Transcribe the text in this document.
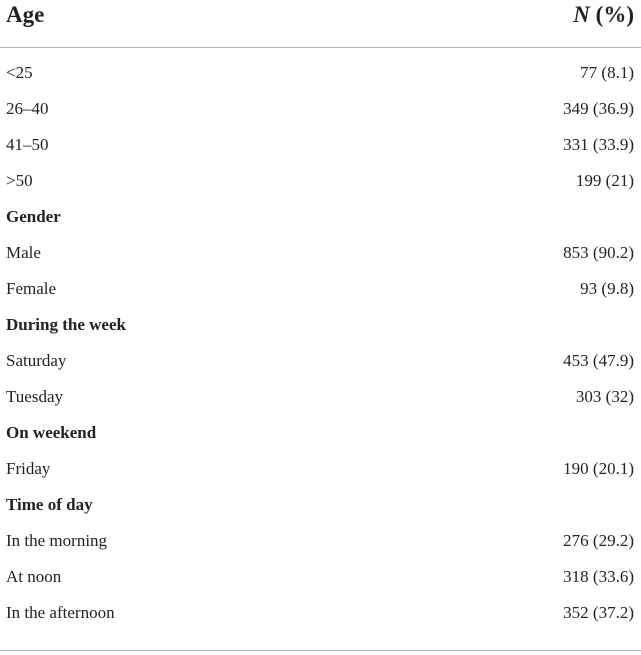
Age	N (%)
<25	77 (8.1)
26–40	349 (36.9)
41–50	331 (33.9)
>50	199 (21)
Gender
Male	853 (90.2)
Female	93 (9.8)
During the week
Saturday	453 (47.9)
Tuesday	303 (32)
On weekend
Friday	190 (20.1)
Time of day
In the morning	276 (29.2)
At noon	318 (33.6)
In the afternoon	352 (37.2)
